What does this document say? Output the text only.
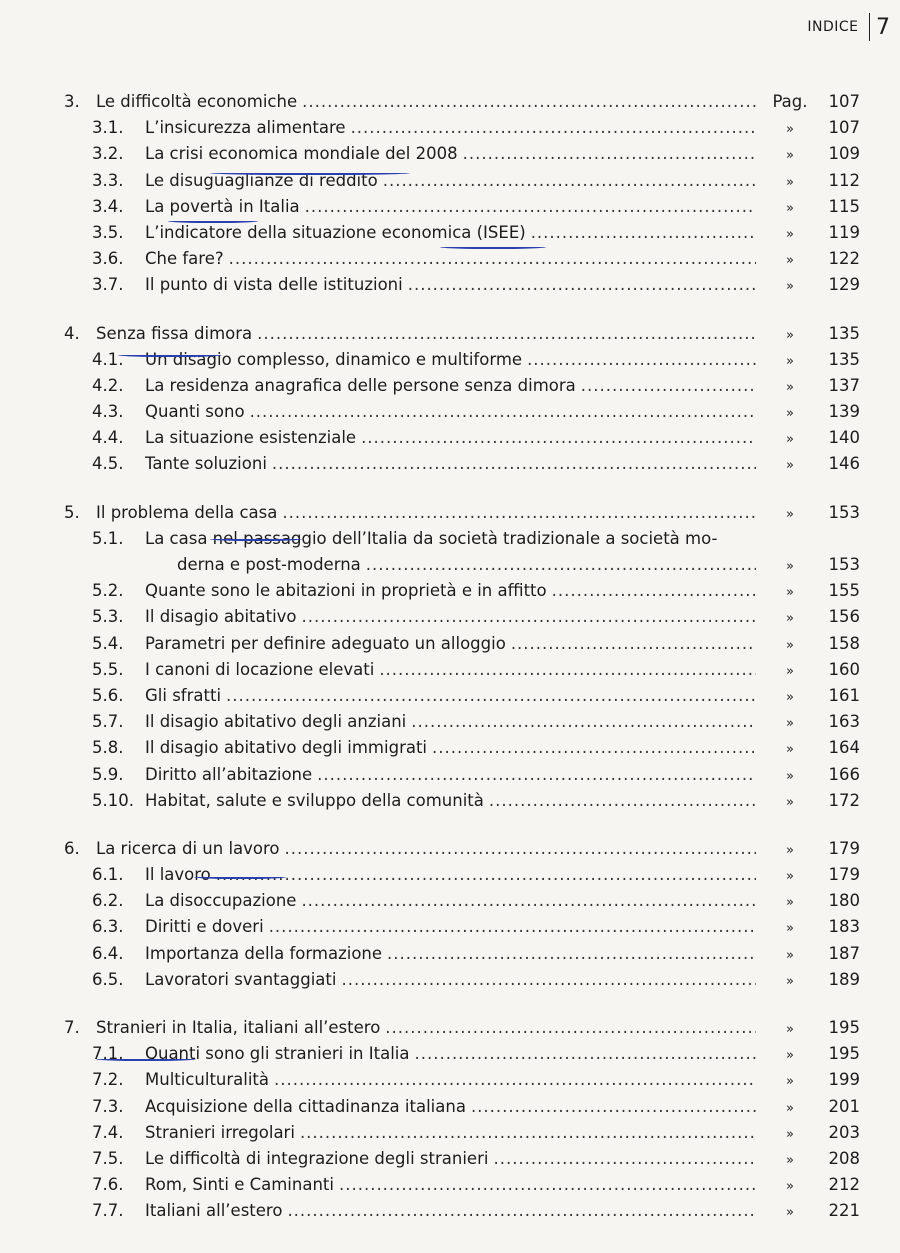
INDICE 7
3. Le difficoltà economiche .....	Pag.	107
3.1.	L’insicurezza alimentare .....	»	107
3.2.	La crisi economica mondiale del 2008 .....	»	109
3.3.	Le disuguaglianze di reddito .....	»	112
3.4.	La povertà in Italia .....	»	115
3.5.	L’indicatore della situazione economica (ISEE) .....	»	119
3.6.	Che fare? .....	»	122
3.7.	Il punto di vista delle istituzioni .....	»	129
4. Senza fissa dimora .....	»	135
4.1.	Un disagio complesso, dinamico e multiforme .....	»	135
4.2.	La residenza anagrafica delle persone senza dimora .....	»	137
4.3.	Quanti sono .....	»	139
4.4.	La situazione esistenziale .....	»	140
4.5.	Tante soluzioni .....	»	146
5. Il problema della casa .....	»	153
5.1.	La casa nel passaggio dell’Italia da società tradizionale a società mo-
derna e post-moderna .....	»	153
5.2.	Quante sono le abitazioni in proprietà e in affitto .....	»	155
5.3.	Il disagio abitativo .....	»	156
5.4.	Parametri per definire adeguato un alloggio .....	»	158
5.5.	I canoni di locazione elevati .....	»	160
5.6.	Gli sfratti .....	»	161
5.7.	Il disagio abitativo degli anziani .....	»	163
5.8.	Il disagio abitativo degli immigrati .....	»	164
5.9.	Diritto all’abitazione .....	»	166
5.10. Habitat, salute e sviluppo della comunità .....	»	172
6. La ricerca di un lavoro .....	»	179
6.1.	Il lavoro .....	»	179
6.2.	La disoccupazione .....	»	180
6.3.	Diritti e doveri .....	»	183
6.4.	Importanza della formazione .....	»	187
6.5.	Lavoratori svantaggiati .....	»	189
7. Stranieri in Italia, italiani all’estero .....	»	195
7.1.	Quanti sono gli stranieri in Italia .....	»	195
7.2.	Multiculturalità .....	»	199
7.3.	Acquisizione della cittadinanza italiana .....	»	201
7.4.	Stranieri irregolari .....	»	203
7.5.	Le difficoltà di integrazione degli stranieri .....	»	208
7.6.	Rom, Sinti e Caminanti .....	»	212
7.7.	Italiani all’estero .....	»	221
